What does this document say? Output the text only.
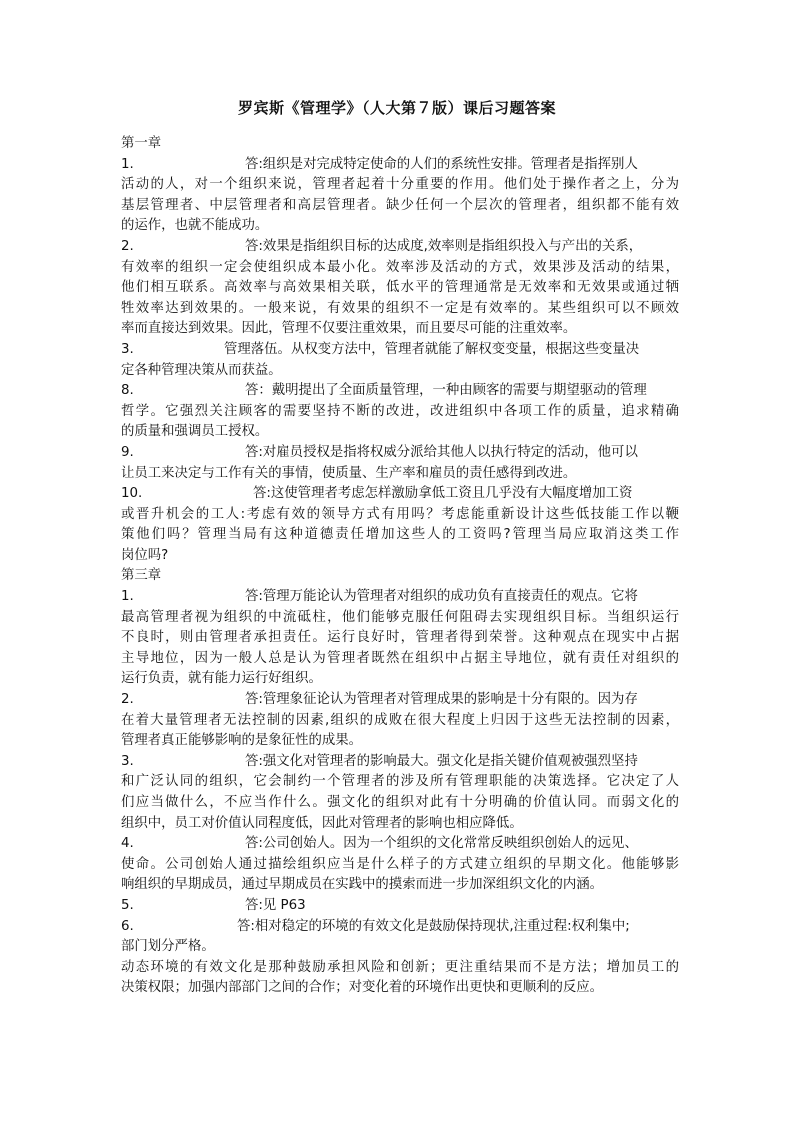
罗宾斯《管理学》（人大第７版）课后习题答案
第一章
1.	答:组织是对完成特定使命的人们的系统性安排。管理者是指挥别人
活动的人，对一个组织来说，管理者起着十分重要的作用。他们处于操作者之上，分为
基层管理者、中层管理者和高层管理者。缺少任何一个层次的管理者，组织都不能有效
的运作，也就不能成功。
2.	答:效果是指组织目标的达成度,效率则是指组织投入与产出的关系，
有效率的组织一定会使组织成本最小化。效率涉及活动的方式，效果涉及活动的结果，
他们相互联系。高效率与高效果相关联，低水平的管理通常是无效率和无效果或通过牺
牲效率达到效果的。一般来说，有效果的组织不一定是有效率的。某些组织可以不顾效
率而直接达到效果。因此，管理不仅要注重效果，而且要尽可能的注重效率。
3.	管理落伍。从权变方法中，管理者就能了解权变变量，根据这些变量决
定各种管理决策从而获益。
8.	答：戴明提出了全面质量管理，一种由顾客的需要与期望驱动的管理
哲学。它强烈关注顾客的需要坚持不断的改进，改进组织中各项工作的质量，追求精确
的质量和强调员工授权。
9.	答:对雇员授权是指将权威分派给其他人以执行特定的活动，他可以
让员工来决定与工作有关的事情，使质量、生产率和雇员的责任感得到改进。
10.	答:这使管理者考虑怎样激励拿低工资且几乎没有大幅度增加工资
或晋升机会的工人:考虑有效的领导方式有用吗？考虑能重新设计这些低技能工作以鞭
策他们吗？管理当局有这种道德责任增加这些人的工资吗?管理当局应取消这类工作
岗位吗?
第三章
1.	答:管理万能论认为管理者对组织的成功负有直接责任的观点。它将
最高管理者视为组织的中流砥柱，他们能够克服任何阻碍去实现组织目标。当组织运行
不良时，则由管理者承担责任。运行良好时，管理者得到荣誉。这种观点在现实中占据
主导地位，因为一般人总是认为管理者既然在组织中占据主导地位，就有责任对组织的
运行负责，就有能力运行好组织。
2.	答:管理象征论认为管理者对管理成果的影响是十分有限的。因为存
在着大量管理者无法控制的因素,组织的成败在很大程度上归因于这些无法控制的因素，
管理者真正能够影响的是象征性的成果。
3.	答:强文化对管理者的影响最大。强文化是指关键价值观被强烈坚持
和广泛认同的组织，它会制约一个管理者的涉及所有管理职能的决策选择。它决定了人
们应当做什么，不应当作什么。强文化的组织对此有十分明确的价值认同。而弱文化的
组织中，员工对价值认同程度低，因此对管理者的影响也相应降低。
4.	答:公司创始人。因为一个组织的文化常常反映组织创始人的远见、
使命。公司创始人通过描绘组织应当是什么样子的方式建立组织的早期文化。他能够影
响组织的早期成员，通过早期成员在实践中的摸索而进一步加深组织文化的内涵。
5.	答:见 P63
6.	答:相对稳定的环境的有效文化是鼓励保持现状,注重过程:权利集中;
部门划分严格。
动态环境的有效文化是那种鼓励承担风险和创新；更注重结果而不是方法；增加员工的
决策权限；加强内部部门之间的合作；对变化着的环境作出更快和更顺利的反应。
